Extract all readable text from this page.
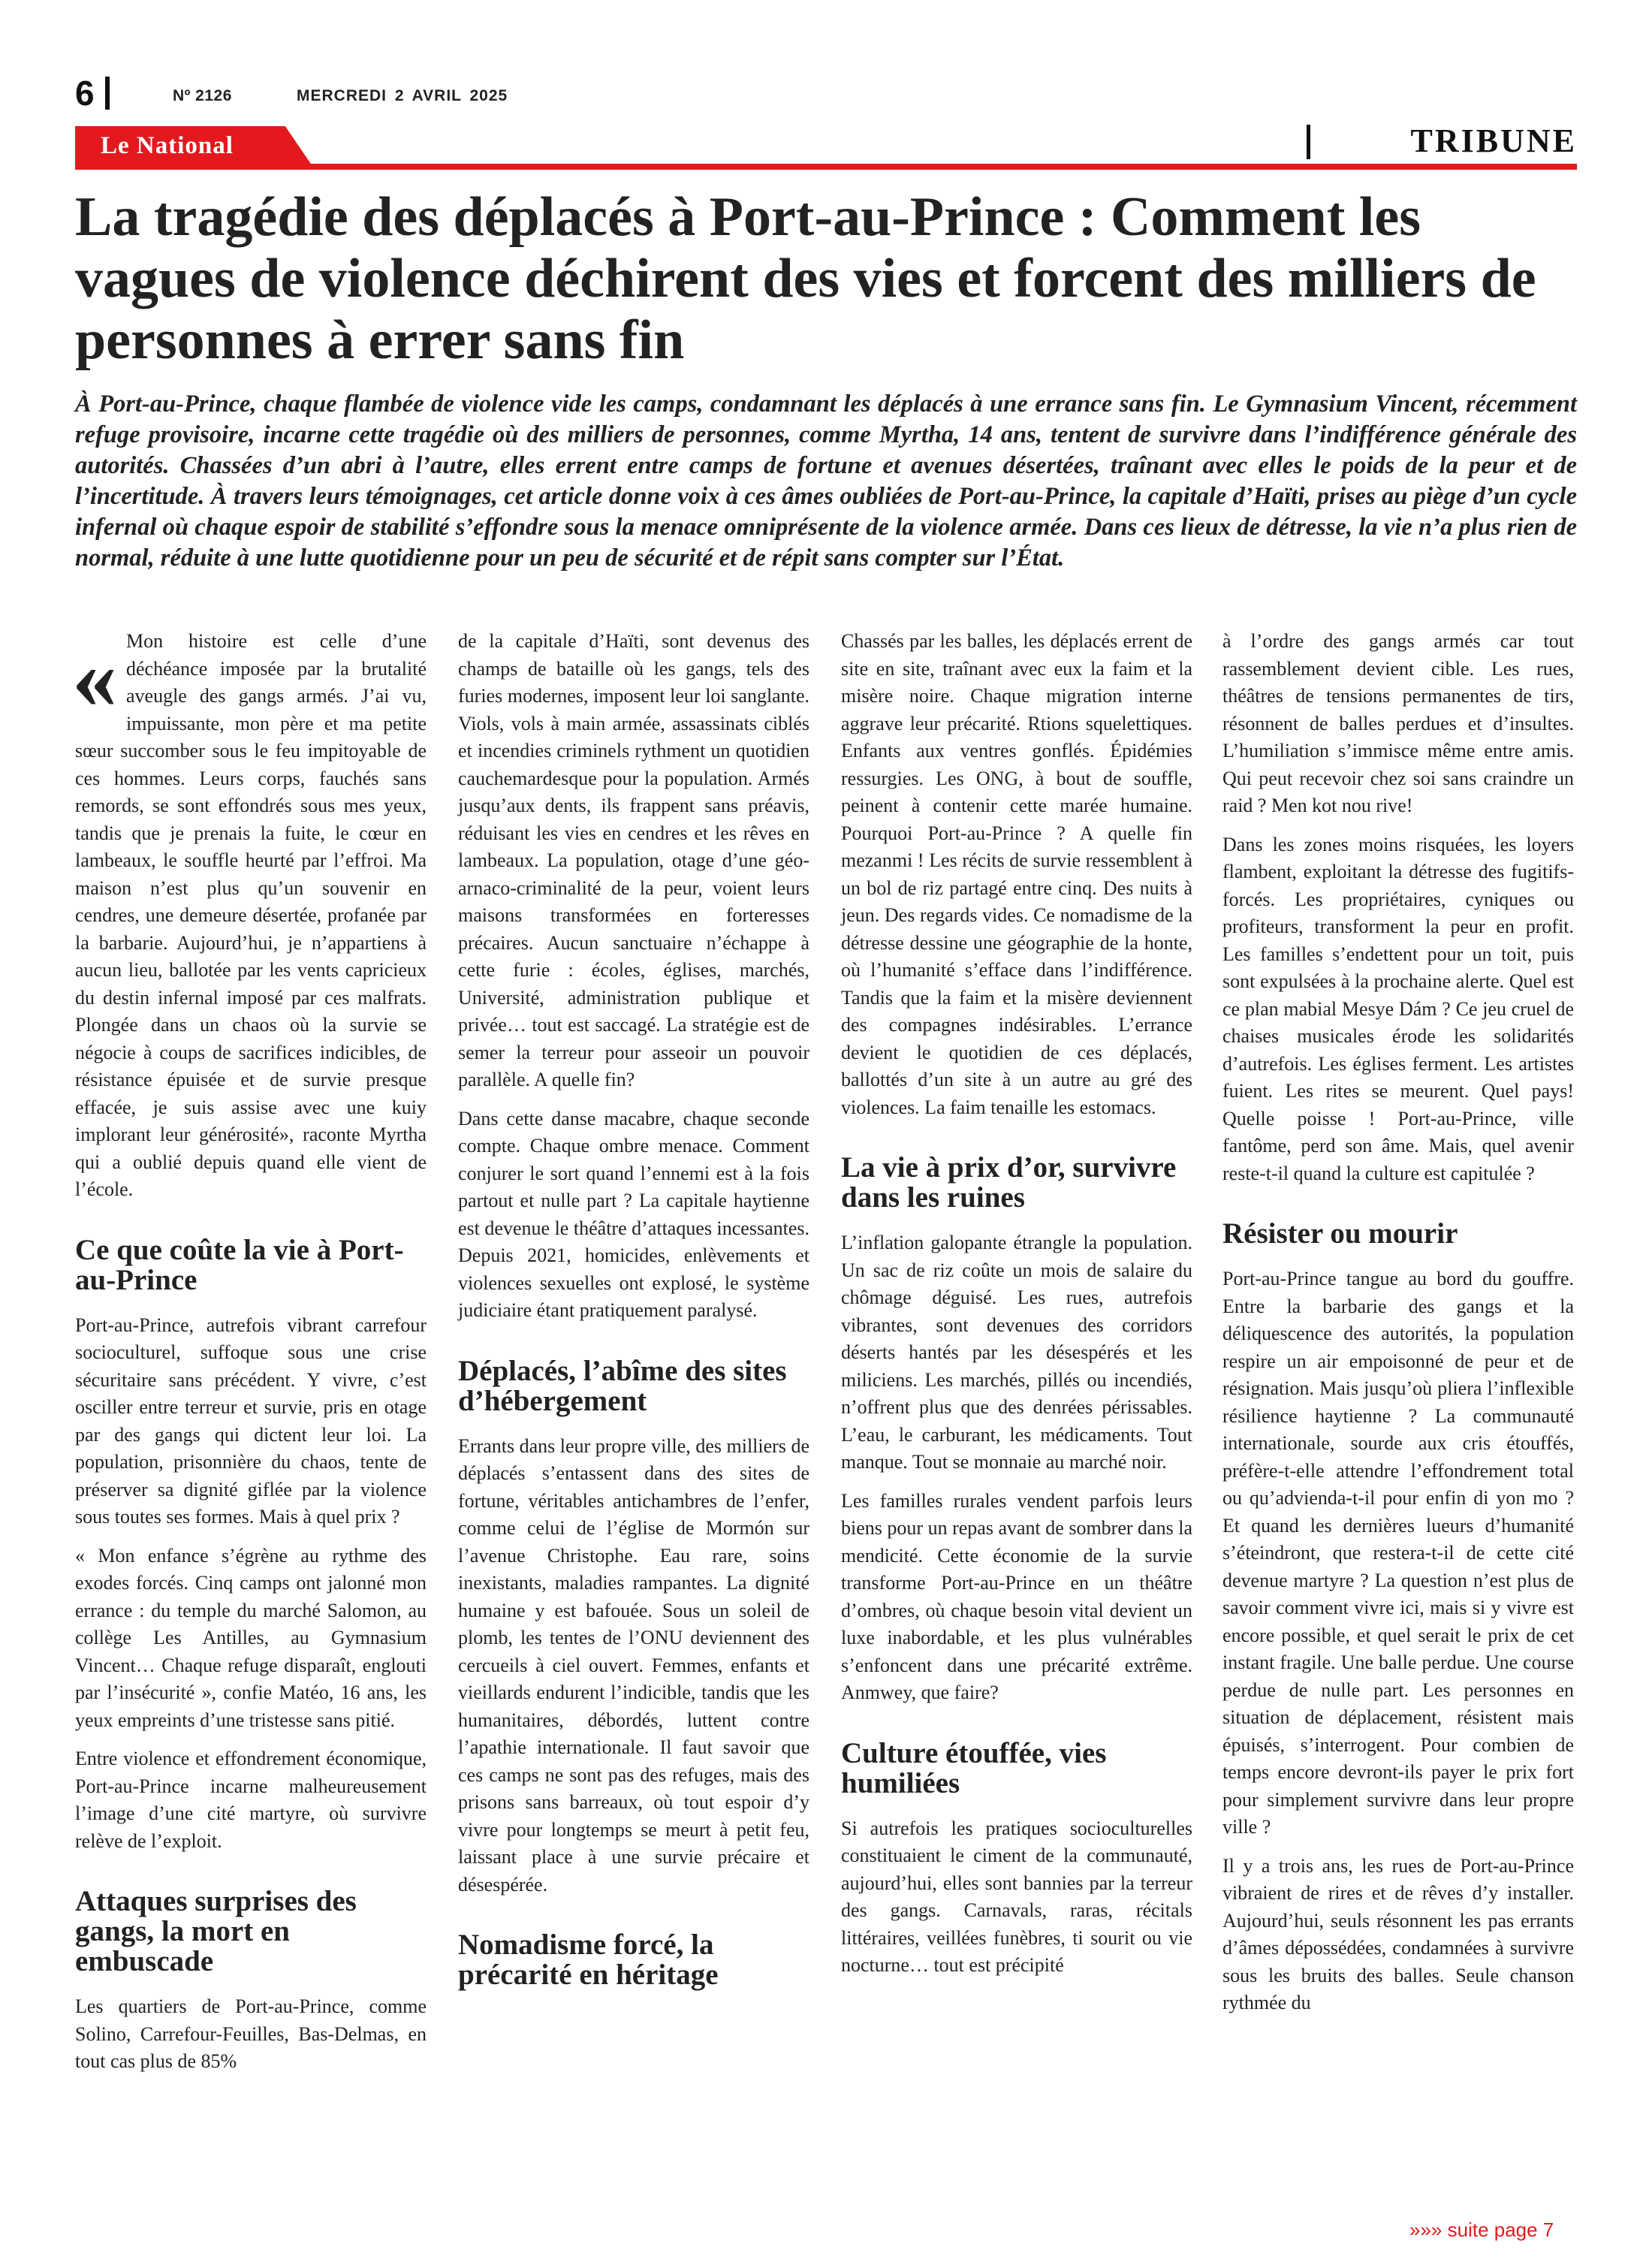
6	Nº 2126	MERCREDI 2 AVRIL 2025
Le National	TRIBUNE
La tragédie des déplacés à Port-au-Prince : Comment les vagues de violence déchirent des vies et forcent des milliers de personnes à errer sans fin

À Port-au-Prince, chaque flambée de violence vide les camps, condamnant les déplacés à une errance sans fin. Le Gymnasium Vincent, récemment refuge provisoire, incarne cette tragédie où des milliers de personnes, comme Myrtha, 14 ans, tentent de survivre dans l’indifférence générale des autorités. Chassées d’un abri à l’autre, elles errent entre camps de fortune et avenues désertées, traînant avec elles le poids de la peur et de l’incertitude. À travers leurs témoignages, cet article donne voix à ces âmes oubliées de Port-au-Prince, la capitale d’Haïti, prises au piège d’un cycle infernal où chaque espoir de stabilité s’effondre sous la menace omniprésente de la violence armée. Dans ces lieux de détresse, la vie n’a plus rien de normal, réduite à une lutte quotidienne pour un peu de sécurité et de répit sans compter sur l’État.

« Mon histoire est celle d’une déchéance imposée par la brutalité aveugle des gangs armés. J’ai vu, impuissante, mon père et ma petite sœur succomber sous le feu impitoyable de ces hommes. Leurs corps, fauchés sans remords, se sont effondrés sous mes yeux, tandis que je prenais la fuite, le cœur en lambeaux, le souffle heurté par l’effroi. Ma maison n’est plus qu’un souvenir en cendres, une demeure désertée, profanée par la barbarie. Aujourd’hui, je n’appartiens à aucun lieu, ballotée par les vents capricieux du destin infernal imposé par ces malfrats. Plongée dans un chaos où la survie se négocie à coups de sacrifices indicibles, de résistance épuisée et de survie presque effacée, je suis assise avec une kuiy implorant leur générosité», raconte Myrtha qui a oublié depuis quand elle vient de l’école.

Ce que coûte la vie à Port-au-Prince

Port-au-Prince, autrefois vibrant carrefour socioculturel, suffoque sous une crise sécuritaire sans précédent. Y vivre, c’est osciller entre terreur et survie, pris en otage par des gangs qui dictent leur loi. La population, prisonnière du chaos, tente de préserver sa dignité giflée par la violence sous toutes ses formes. Mais à quel prix ?

« Mon enfance s’égrène au rythme des exodes forcés. Cinq camps ont jalonné mon errance : du temple du marché Salomon, au collège Les Antilles, au Gymnasium Vincent… Chaque refuge disparaît, englouti par l’insécurité », confie Matéo, 16 ans, les yeux empreints d’une tristesse sans pitié.

Entre violence et effondrement économique, Port-au-Prince incarne malheureusement l’image d’une cité martyre, où survivre relève de l’exploit.

Attaques surprises des gangs, la mort en embuscade

Les quartiers de Port-au-Prince, comme Solino, Carrefour-Feuilles, Bas-Delmas, en tout cas plus de 85%

de la capitale d’Haïti, sont devenus des champs de bataille où les gangs, tels des furies modernes, imposent leur loi sanglante. Viols, vols à main armée, assassinats ciblés et incendies criminels rythment un quotidien cauchemardesque pour la population. Armés jusqu’aux dents, ils frappent sans préavis, réduisant les vies en cendres et les rêves en lambeaux. La population, otage d’une géo-arnaco-criminalité de la peur, voient leurs maisons transformées en forteresses précaires. Aucun sanctuaire n’échappe à cette furie : écoles, églises, marchés, Université, administration publique et privée… tout est saccagé. La stratégie est de semer la terreur pour asseoir un pouvoir parallèle. A quelle fin?

Dans cette danse macabre, chaque seconde compte. Chaque ombre menace. Comment conjurer le sort quand l’ennemi est à la fois partout et nulle part ? La capitale haytienne est devenue le théâtre d’attaques incessantes. Depuis 2021, homicides, enlèvements et violences sexuelles ont explosé, le système judiciaire étant pratiquement paralysé.

Déplacés, l’abîme des sites d’hébergement

Errants dans leur propre ville, des milliers de déplacés s’entassent dans des sites de fortune, véritables antichambres de l’enfer, comme celui de l’église de Mormón sur l’avenue Christophe. Eau rare, soins inexistants, maladies rampantes. La dignité humaine y est bafouée. Sous un soleil de plomb, les tentes de l’ONU deviennent des cercueils à ciel ouvert. Femmes, enfants et vieillards endurent l’indicible, tandis que les humanitaires, débordés, luttent contre l’apathie internationale. Il faut savoir que ces camps ne sont pas des refuges, mais des prisons sans barreaux, où tout espoir d’y vivre pour longtemps se meurt à petit feu, laissant place à une survie précaire et désespérée.

Nomadisme forcé, la précarité en héritage

Chassés par les balles, les déplacés errent de site en site, traînant avec eux la faim et la misère noire. Chaque migration interne aggrave leur précarité. Rtions squelettiques. Enfants aux ventres gonflés. Épidémies ressurgies. Les ONG, à bout de souffle, peinent à contenir cette marée humaine. Pourquoi Port-au-Prince ? A quelle fin mezanmi ! Les récits de survie ressemblent à un bol de riz partagé entre cinq. Des nuits à jeun. Des regards vides. Ce nomadisme de la détresse dessine une géographie de la honte, où l’humanité s’efface dans l’indifférence. Tandis que la faim et la misère deviennent des compagnes indésirables. L’errance devient le quotidien de ces déplacés, ballottés d’un site à un autre au gré des violences. La faim tenaille les estomacs.

La vie à prix d’or, survivre dans les ruines

L’inflation galopante étrangle la population. Un sac de riz coûte un mois de salaire du chômage déguisé. Les rues, autrefois vibrantes, sont devenues des corridors déserts hantés par les désespérés et les miliciens. Les marchés, pillés ou incendiés, n’offrent plus que des denrées périssables. L’eau, le carburant, les médicaments. Tout manque. Tout se monnaie au marché noir.

Les familles rurales vendent parfois leurs biens pour un repas avant de sombrer dans la mendicité. Cette économie de la survie transforme Port-au-Prince en un théâtre d’ombres, où chaque besoin vital devient un luxe inabordable, et les plus vulnérables s’enfoncent dans une précarité extrême. Anmwey, que faire?

Culture étouffée, vies humiliées

Si autrefois les pratiques socioculturelles constituaient le ciment de la communauté, aujourd’hui, elles sont bannies par la terreur des gangs. Carnavals, raras, récitals littéraires, veillées funèbres, ti sourit ou vie nocturne… tout est précipité

à l’ordre des gangs armés car tout rassemblement devient cible. Les rues, théâtres de tensions permanentes de tirs, résonnent de balles perdues et d’insultes. L’humiliation s’immisce même entre amis. Qui peut recevoir chez soi sans craindre un raid ? Men kot nou rive!

Dans les zones moins risquées, les loyers flambent, exploitant la détresse des fugitifs-forcés. Les propriétaires, cyniques ou profiteurs, transforment la peur en profit. Les familles s’endettent pour un toit, puis sont expulsées à la prochaine alerte. Quel est ce plan mabial Mesye Dám ? Ce jeu cruel de chaises musicales érode les solidarités d’autrefois. Les églises ferment. Les artistes fuient. Les rites se meurent. Quel pays! Quelle poisse ! Port-au-Prince, ville fantôme, perd son âme. Mais, quel avenir reste-t-il quand la culture est capitulée ?

Résister ou mourir

Port-au-Prince tangue au bord du gouffre. Entre la barbarie des gangs et la déliquescence des autorités, la population respire un air empoisonné de peur et de résignation. Mais jusqu’où pliera l’inflexible résilience haytienne ? La communauté internationale, sourde aux cris étouffés, préfère-t-elle attendre l’effondrement total ou qu’advienda-t-il pour enfin di yon mo ? Et quand les dernières lueurs d’humanité s’éteindront, que restera-t-il de cette cité devenue martyre ? La question n’est plus de savoir comment vivre ici, mais si y vivre est encore possible, et quel serait le prix de cet instant fragile. Une balle perdue. Une course perdue de nulle part. Les personnes en situation de déplacement, résistent mais épuisés, s’interrogent. Pour combien de temps encore devront-ils payer le prix fort pour simplement survivre dans leur propre ville ?

Il y a trois ans, les rues de Port-au-Prince vibraient de rires et de rêves d’y installer. Aujourd’hui, seuls résonnent les pas errants d’âmes dépossédées, condamnées à survivre sous les bruits des balles. Seule chanson rythmée du

»»» suite page 7
